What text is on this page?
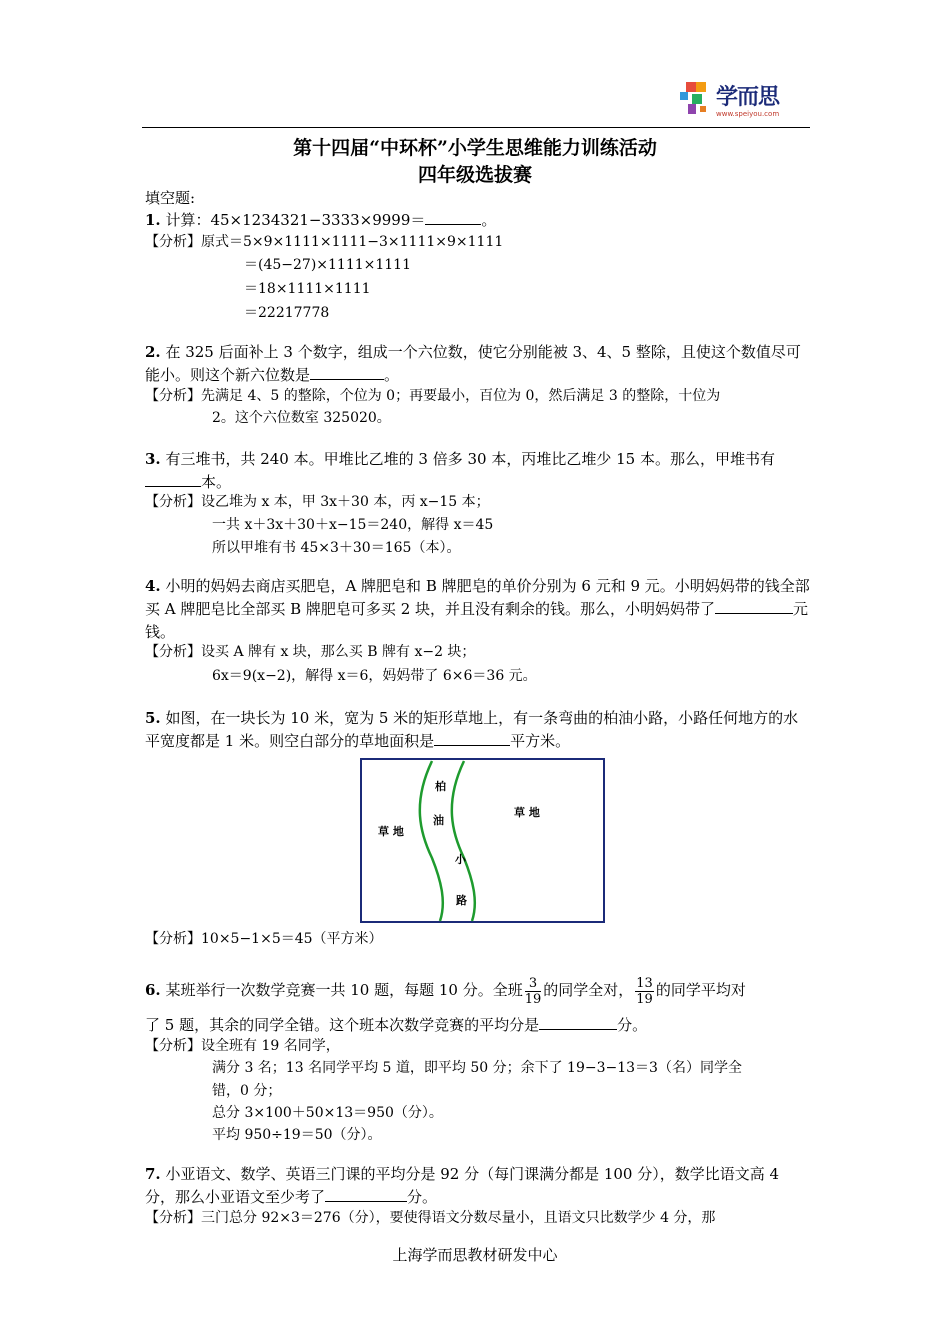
学而思
www.speiyou.com
第十四届“中环杯”小学生思维能力训练活动
四年级选拔赛
填空题:
1. 计算：45×1234321−3333×9999＝	。
【分析】原式＝5×9×1111×1111−3×1111×9×1111
＝(45−27)×1111×1111
＝18×1111×1111
＝22217778
2. 在 325 后面补上 3 个数字，组成一个六位数，使它分别能被 3、4、5 整除，且使这个数值尽可能小。则这个新六位数是	。
【分析】先满足 4、5 的整除，个位为 0；再要最小，百位为 0，然后满足 3 的整除，十位为
2。这个六位数室 325020。
3. 有三堆书，共 240 本。甲堆比乙堆的 3 倍多 30 本，丙堆比乙堆少 15 本。那么，甲堆书有本。
【分析】设乙堆为 x 本，甲 3x＋30 本，丙 x−15 本；
一共 x＋3x＋30＋x−15＝240，解得 x＝45
所以甲堆有书 45×3＋30＝165（本）。
4. 小明的妈妈去商店买肥皂，A 牌肥皂和 B 牌肥皂的单价分别为 6 元和 9 元。小明妈妈带的钱全部买 A 牌肥皂比全部买 B 牌肥皂可多买 2 块，并且没有剩余的钱。那么，小明妈妈带了	元钱。
【分析】设买 A 牌有 x 块，那么买 B 牌有 x−2 块；
6x＝9(x−2)，解得 x＝6，妈妈带了 6×6＝36 元。
5. 如图，在一块长为 10 米，宽为 5 米的矩形草地上，有一条弯曲的柏油小路，小路任何地方的水平宽度都是 1 米。则空白部分的草地面积是	平方米。
草 地
草 地
柏
油
小
路
【分析】10×5−1×5＝45（平方米）
6. 某班举行一次数学竞赛一共 10 题，每题 10 分。全班 $\frac{3}{19}$ 的同学全对， $\frac{13}{19}$ 的同学平均对
了 5 题，其余的同学全错。这个班本次数学竞赛的平均分是	分。
【分析】设全班有 19 名同学，
满分 3 名；13 名同学平均 5 道，即平均 50 分；余下了 19−3−13＝3（名）同学全
错，0 分；
总分 3×100＋50×13＝950（分）。
平均 950÷19＝50（分）。
7. 小亚语文、数学、英语三门课的平均分是 92 分（每门课满分都是 100 分），数学比语文高 4 分，那么小亚语文至少考了	分。
【分析】三门总分 92×3＝276（分），要使得语文分数尽量小，且语文只比数学少 4 分，那
上海学而思教材研发中心
